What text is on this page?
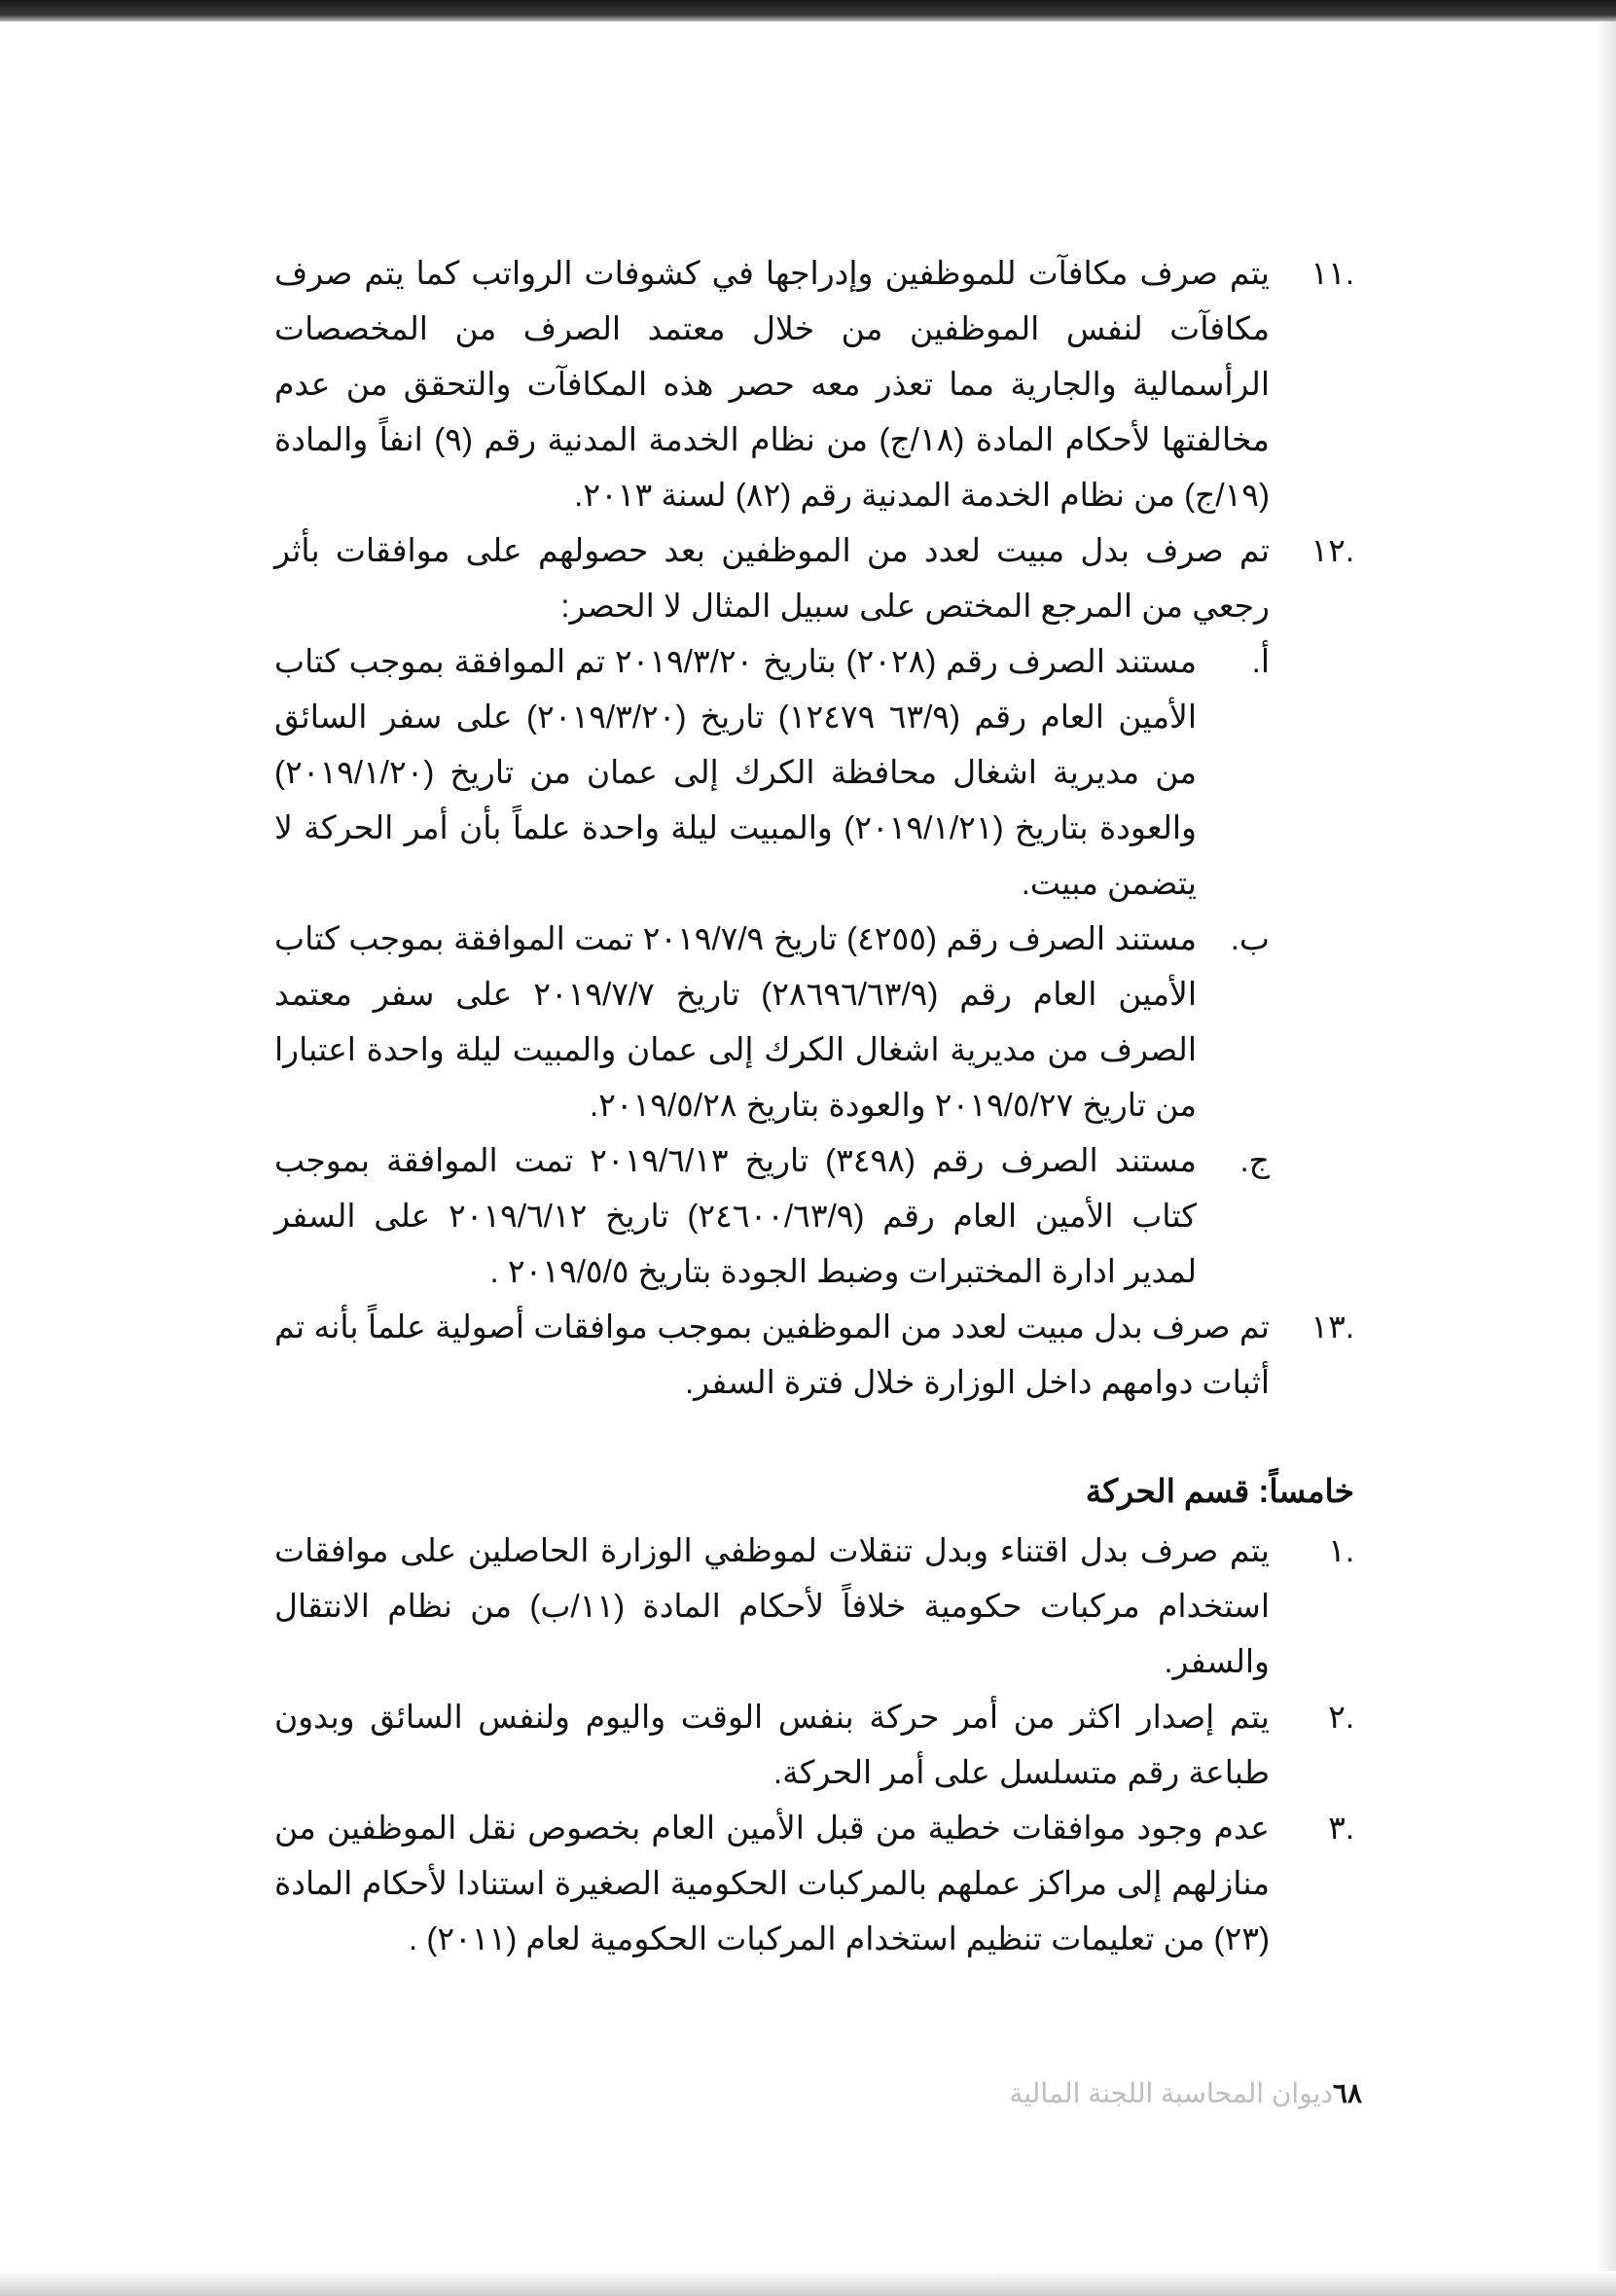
.١١
يتم صرف مكافآت للموظفين وإدراجها في كشوفات الرواتب كما يتم صرف مكافآت لنفس الموظفين من خلال معتمد الصرف من المخصصات الرأسمالية والجارية مما تعذر معه حصر هذه المكافآت والتحقق من عدم مخالفتها لأحكام المادة (١٨/ج) من نظام الخدمة المدنية رقم (٩) انفاً والمادة (١٩/ج) من نظام الخدمة المدنية رقم (٨٢) لسنة ٢٠١٣.
.١٢
تم صرف بدل مبيت لعدد من الموظفين بعد حصولهم على موافقات بأثر رجعي من المرجع المختص على سبيل المثال لا الحصر:
أ.
مستند الصرف رقم (٢٠٢٨) بتاريخ ٢٠١٩/٣/٢٠ تم الموافقة بموجب كتاب الأمين العام رقم (٦٣/٩ ١٢٤٧٩) تاريخ (٢٠١٩/٣/٢٠) على سفر السائق من مديرية اشغال محافظة الكرك إلى عمان من تاريخ (٢٠١٩/١/٢٠) والعودة بتاريخ (٢٠١٩/١/٢١) والمبيت ليلة واحدة علماً بأن أمر الحركة لا يتضمن مبيت.
ب.
مستند الصرف رقم (٤٢٥٥) تاريخ ٢٠١٩/٧/٩ تمت الموافقة بموجب كتاب الأمين العام رقم (٢٨٦٩٦/٦٣/٩) تاريخ ٢٠١٩/٧/٧ على سفر معتمد الصرف من مديرية اشغال الكرك إلى عمان والمبيت ليلة واحدة اعتبارا من تاريخ ٢٠١٩/٥/٢٧ والعودة بتاريخ ٢٠١٩/٥/٢٨.
ج.
مستند الصرف رقم (٣٤٩٨) تاريخ ٢٠١٩/٦/١٣ تمت الموافقة بموجب كتاب الأمين العام رقم (٢٤٦٠٠/٦٣/٩) تاريخ ٢٠١٩/٦/١٢ على السفر لمدير ادارة المختبرات وضبط الجودة بتاريخ ٢٠١٩/٥/٥ .
.١٣
تم صرف بدل مبيت لعدد من الموظفين بموجب موافقات أصولية علماً بأنه تم أثبات دوامهم داخل الوزارة خلال فترة السفر.
خامساً: قسم الحركة
.١
يتم صرف بدل اقتناء وبدل تنقلات لموظفي الوزارة الحاصلين على موافقات استخدام مركبات حكومية خلافاً لأحكام المادة (١١/ب) من نظام الانتقال والسفر.
.٢
يتم إصدار اكثر من أمر حركة بنفس الوقت واليوم ولنفس السائق وبدون طباعة رقم متسلسل على أمر الحركة.
.٣
عدم وجود موافقات خطية من قبل الأمين العام بخصوص نقل الموظفين من منازلهم إلى مراكز عملهم بالمركبات الحكومية الصغيرة استنادا لأحكام المادة (٢٣) من تعليمات تنظيم استخدام المركبات الحكومية لعام (٢٠١١) .
٦٨ديوان المحاسبة اللجنة المالية
